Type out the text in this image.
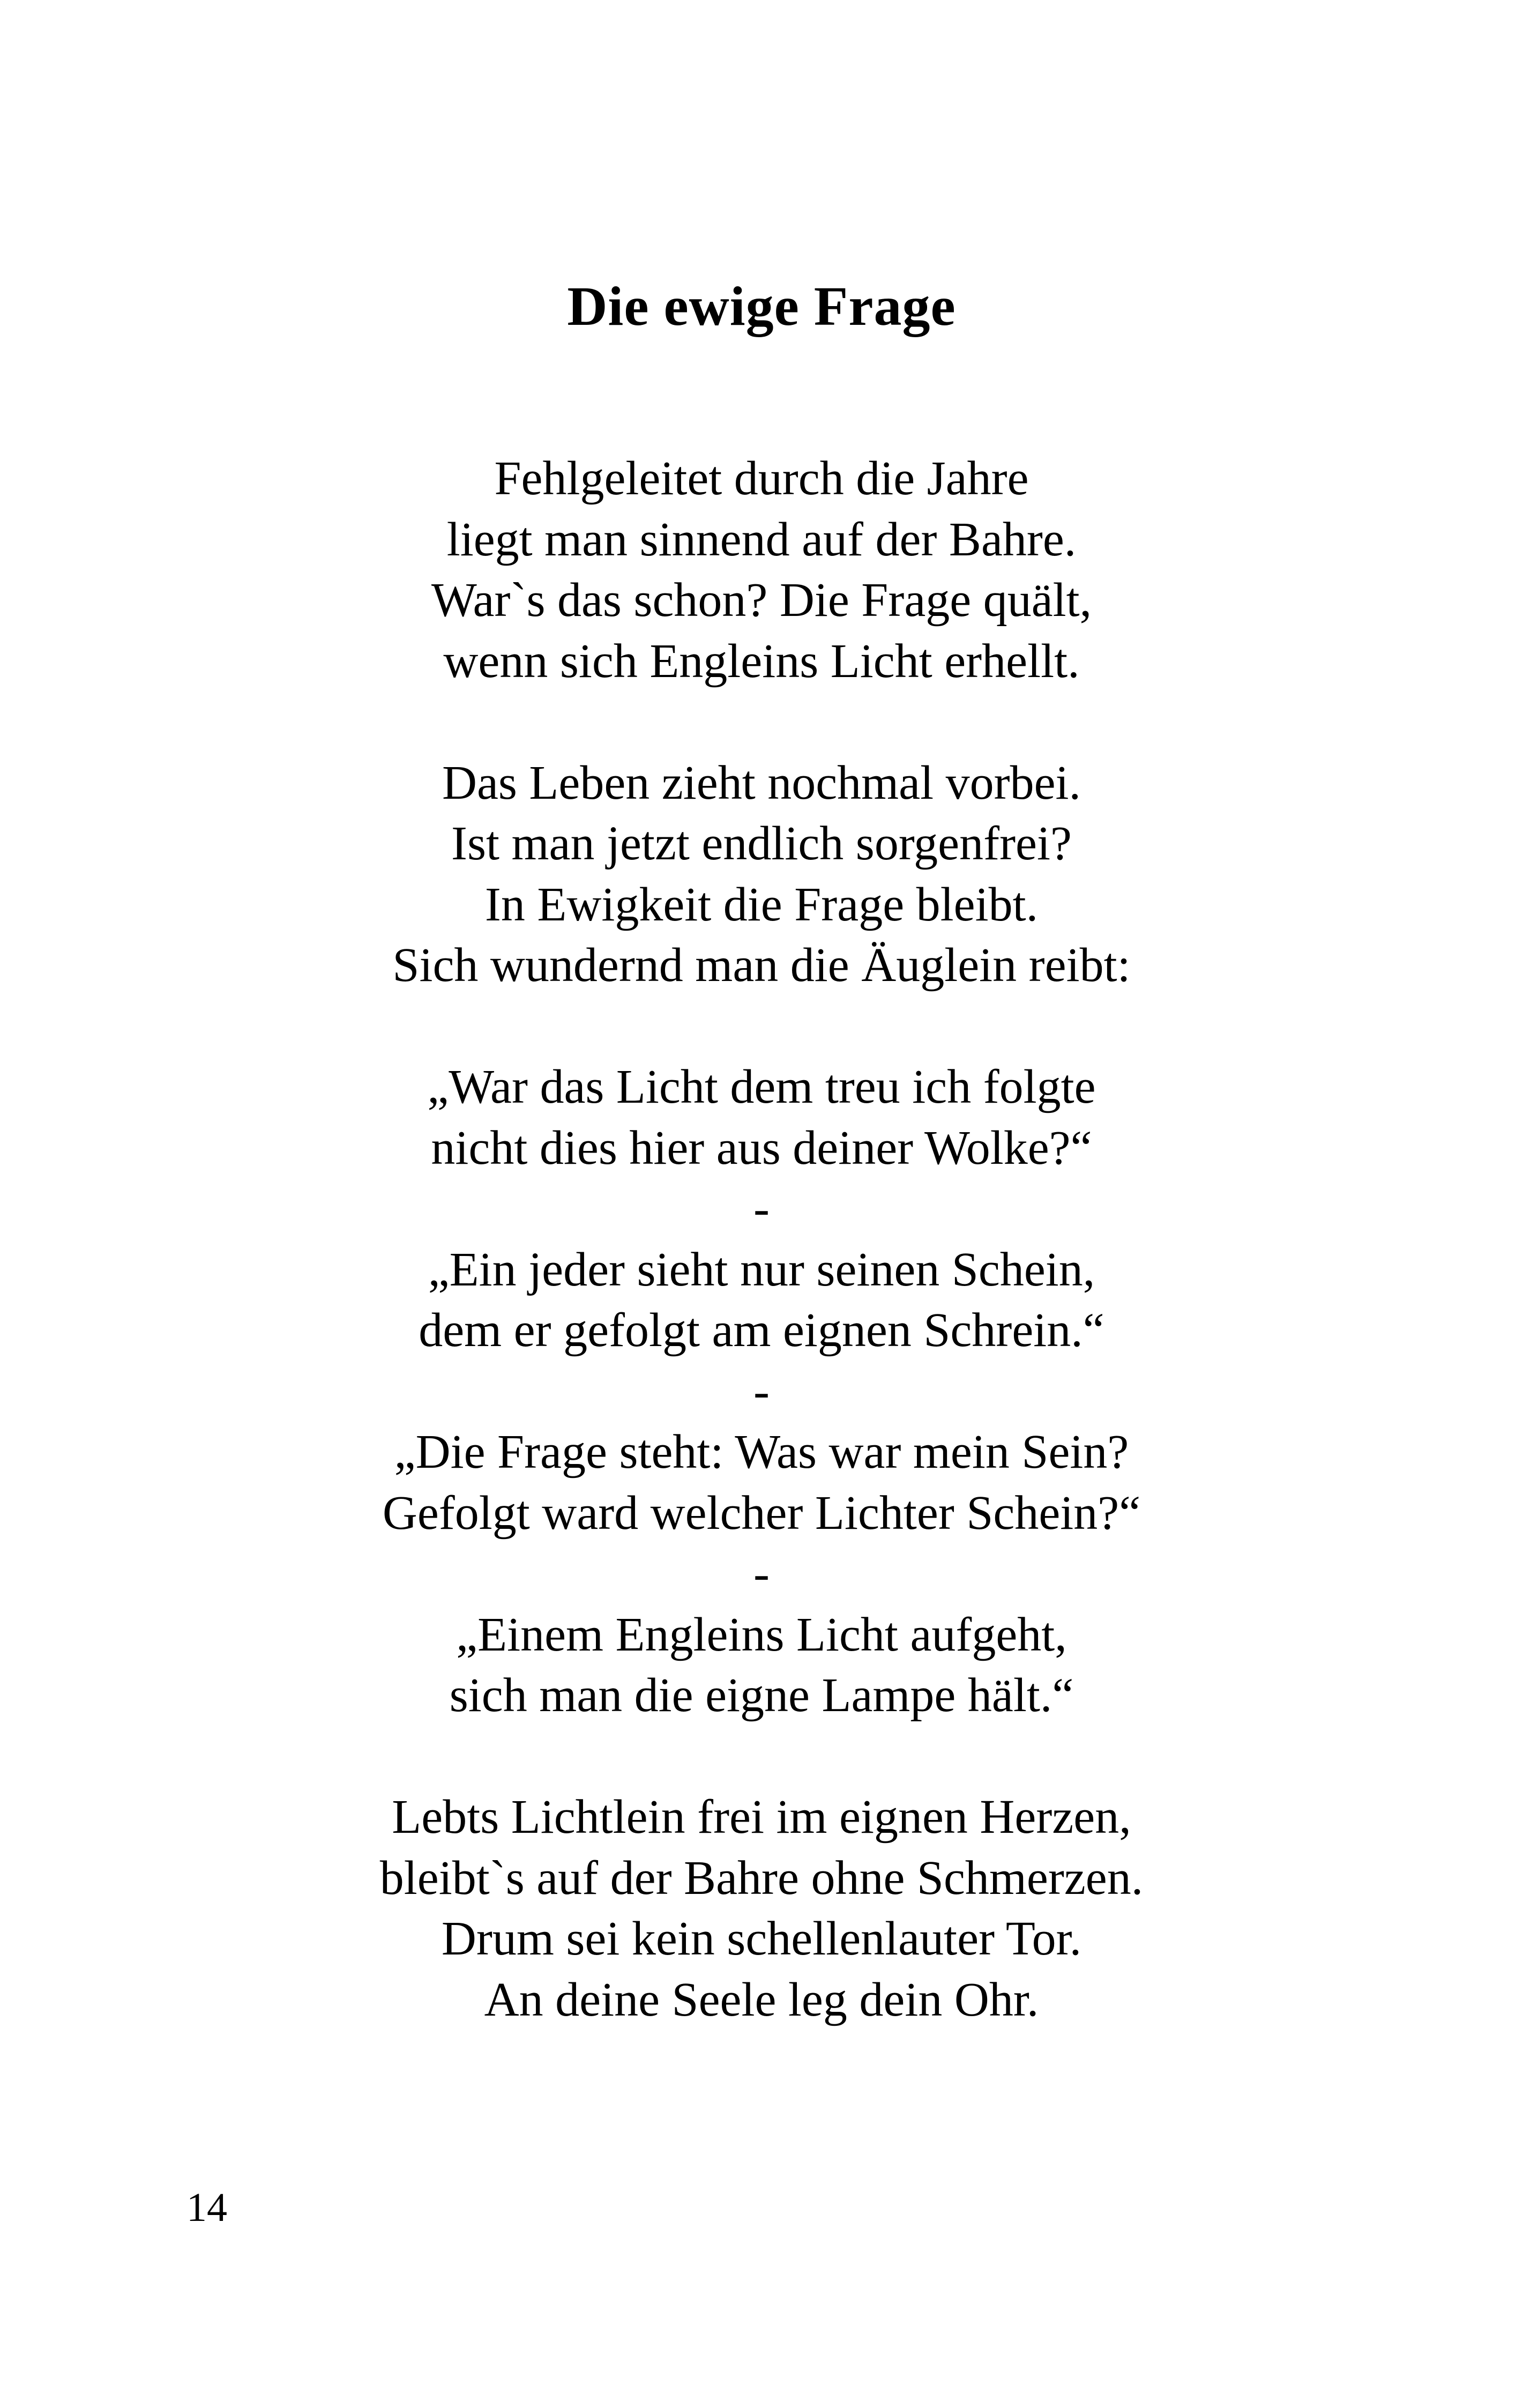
Die ewige Frage
Fehlgeleitet durch die Jahre
liegt man sinnend auf der Bahre.
War`s das schon? Die Frage quält,
wenn sich Engleins Licht erhellt.
Das Leben zieht nochmal vorbei.
Ist man jetzt endlich sorgenfrei?
In Ewigkeit die Frage bleibt.
Sich wundernd man die Äuglein reibt:
„War das Licht dem treu ich folgte
nicht dies hier aus deiner Wolke?“
-
„Ein jeder sieht nur seinen Schein,
dem er gefolgt am eignen Schrein.“
-
„Die Frage steht: Was war mein Sein?
Gefolgt ward welcher Lichter Schein?“
-
„Einem Engleins Licht aufgeht,
sich man die eigne Lampe hält.“
Lebts Lichtlein frei im eignen Herzen,
bleibt`s auf der Bahre ohne Schmerzen.
Drum sei kein schellenlauter Tor.
An deine Seele leg dein Ohr.
14
